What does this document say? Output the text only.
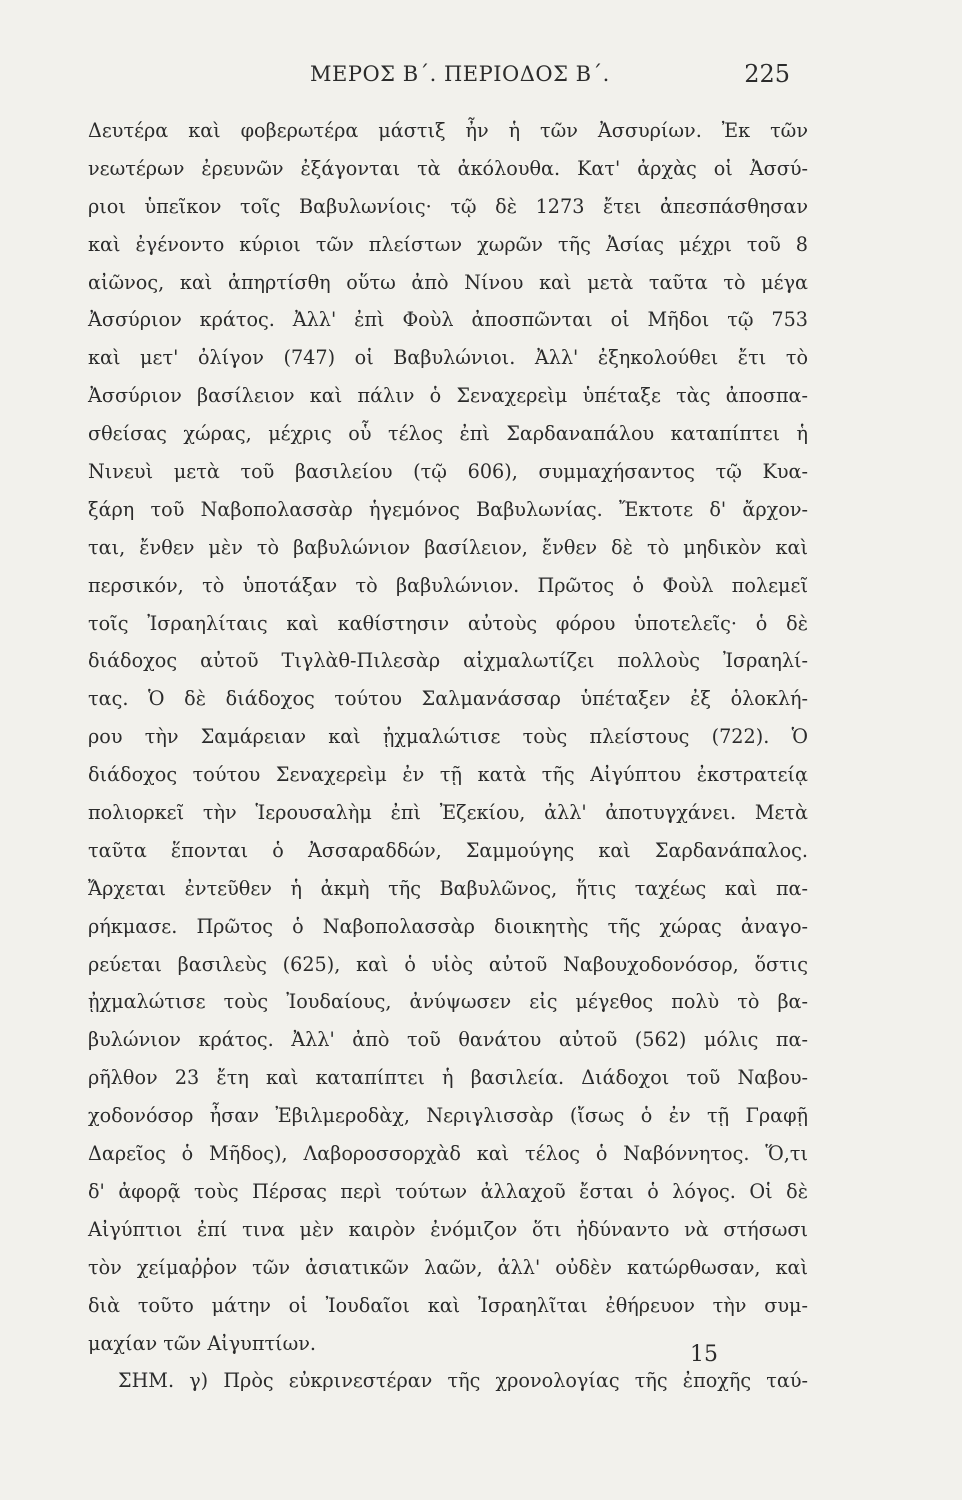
ΜΕΡΟΣ Β΄. ΠΕΡΙΟΔΟΣ Β΄.	225
Δευτέρα καὶ φοβερωτέρα μάστιξ ἦν ἡ τῶν Ἀσσυρίων. Ἐκ τῶν
νεωτέρων ἐρευνῶν ἐξάγονται τὰ ἀκόλουθα. Κατ' ἀρχὰς οἱ Ἀσσύ-
ριοι ὑπεῖκον τοῖς Βαβυλωνίοις· τῷ δὲ 1273 ἔτει ἀπεσπάσθησαν
καὶ ἐγένοντο κύριοι τῶν πλείστων χωρῶν τῆς Ἀσίας μέχρι τοῦ 8
αἰῶνος, καὶ ἀπηρτίσθη οὕτω ἀπὸ Νίνου καὶ μετὰ ταῦτα τὸ μέγα
Ἀσσύριον κράτος. Ἀλλ' ἐπὶ Φοὺλ ἀποσπῶνται οἱ Μῆδοι τῷ 753
καὶ μετ' ὀλίγον (747) οἱ Βαβυλώνιοι. Ἀλλ' ἐξηκολούθει ἔτι τὸ
Ἀσσύριον βασίλειον καὶ πάλιν ὁ Σεναχερεὶμ ὑπέταξε τὰς ἀποσπα-
σθείσας χώρας, μέχρις οὗ τέλος ἐπὶ Σαρδαναπάλου καταπίπτει ἡ
Νινευὶ μετὰ τοῦ βασιλείου (τῷ 606), συμμαχήσαντος τῷ Κυα-
ξάρη τοῦ Ναβοπολασσὰρ ἡγεμόνος Βαβυλωνίας. Ἔκτοτε δ' ἄρχον-
ται, ἔνθεν μὲν τὸ βαβυλώνιον βασίλειον, ἔνθεν δὲ τὸ μηδικὸν καὶ
περσικόν, τὸ ὑποτάξαν τὸ βαβυλώνιον. Πρῶτος ὁ Φοὺλ πολεμεῖ
τοῖς Ἰσραηλίταις καὶ καθίστησιν αὐτοὺς φόρου ὑποτελεῖς· ὁ δὲ
διάδοχος αὐτοῦ Τιγλὰθ-Πιλεσὰρ αἰχμαλωτίζει πολλοὺς Ἰσραηλί-
τας. Ὁ δὲ διάδοχος τούτου Σαλμανάσσαρ ὑπέταξεν ἐξ ὁλοκλή-
ρου τὴν Σαμάρειαν καὶ ᾐχμαλώτισε τοὺς πλείστους (722). Ὁ
διάδοχος τούτου Σεναχερεὶμ ἐν τῇ κατὰ τῆς Αἰγύπτου ἐκστρατείᾳ
πολιορκεῖ τὴν Ἱερουσαλὴμ ἐπὶ Ἐζεκίου, ἀλλ' ἀποτυγχάνει. Μετὰ
ταῦτα ἕπονται ὁ Ἀσσαραδδών, Σαμμούγης καὶ Σαρδανάπαλος.
Ἄρχεται ἐντεῦθεν ἡ ἀκμὴ τῆς Βαβυλῶνος, ἥτις ταχέως καὶ πα-
ρήκμασε. Πρῶτος ὁ Ναβοπολασσὰρ διοικητὴς τῆς χώρας ἀναγο-
ρεύεται βασιλεὺς (625), καὶ ὁ υἱὸς αὐτοῦ Ναβουχοδονόσορ, ὅστις
ᾐχμαλώτισε τοὺς Ἰουδαίους, ἀνύψωσεν εἰς μέγεθος πολὺ τὸ βα-
βυλώνιον κράτος. Ἀλλ' ἀπὸ τοῦ θανάτου αὐτοῦ (562) μόλις πα-
ρῆλθον 23 ἔτη καὶ καταπίπτει ἡ βασιλεία. Διάδοχοι τοῦ Ναβου-
χοδονόσορ ἦσαν Ἐβιλμεροδὰχ, Νεριγλισσὰρ (ἴσως ὁ ἐν τῇ Γραφῇ
Δαρεῖος ὁ Μῆδος), Λαβοροσσορχὰδ καὶ τέλος ὁ Ναβόννητος. Ὅ,τι
δ' ἀφορᾷ τοὺς Πέρσας περὶ τούτων ἀλλαχοῦ ἔσται ὁ λόγος. Οἱ δὲ
Αἰγύπτιοι ἐπί τινα μὲν καιρὸν ἐνόμιζον ὅτι ἠδύναντο νὰ στήσωσι
τὸν χείμαῤῥον τῶν ἀσιατικῶν λαῶν, ἀλλ' οὐδὲν κατώρθωσαν, καὶ
διὰ τοῦτο μάτην οἱ Ἰουδαῖοι καὶ Ἰσραηλῖται ἐθήρευον τὴν συμ-
μαχίαν τῶν Αἰγυπτίων.
ΣΗΜ. γ) Πρὸς εὐκρινεστέραν τῆς χρονολογίας τῆς ἐποχῆς ταύ-
15
